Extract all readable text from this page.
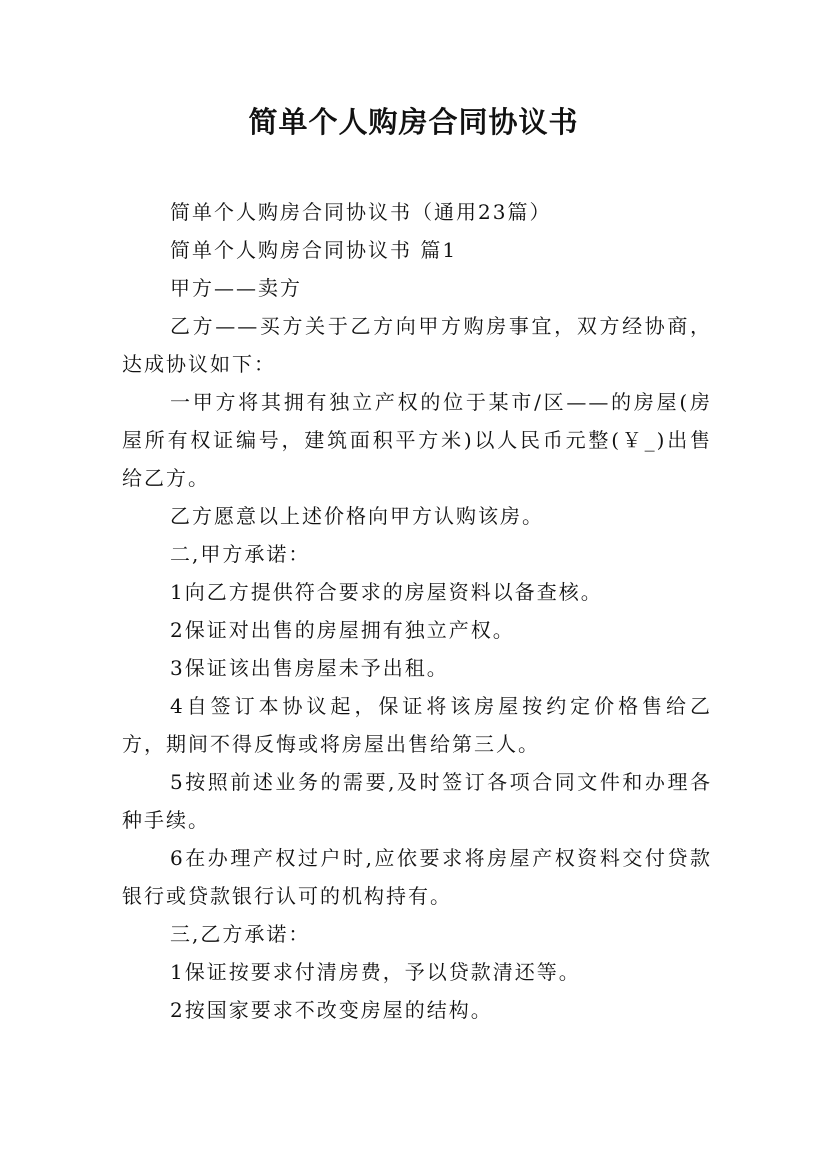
简单个人购房合同协议书

简单个人购房合同协议书（通用23篇）

简单个人购房合同协议书 篇1

甲方——卖方

乙方——买方关于乙方向甲方购房事宜，双方经协商，达成协议如下：

一甲方将其拥有独立产权的位于某市/区——的房屋(房屋所有权证编号，建筑面积平方米)以人民币元整(￥_)出售给乙方。

乙方愿意以上述价格向甲方认购该房。

二,甲方承诺：

1向乙方提供符合要求的房屋资料以备查核。

2保证对出售的房屋拥有独立产权。

3保证该出售房屋未予出租。

4自签订本协议起，保证将该房屋按约定价格售给乙方，期间不得反悔或将房屋出售给第三人。

5按照前述业务的需要,及时签订各项合同文件和办理各种手续。

6在办理产权过户时,应依要求将房屋产权资料交付贷款银行或贷款银行认可的机构持有。

三,乙方承诺：

1保证按要求付清房费，予以贷款清还等。

2按国家要求不改变房屋的结构。
